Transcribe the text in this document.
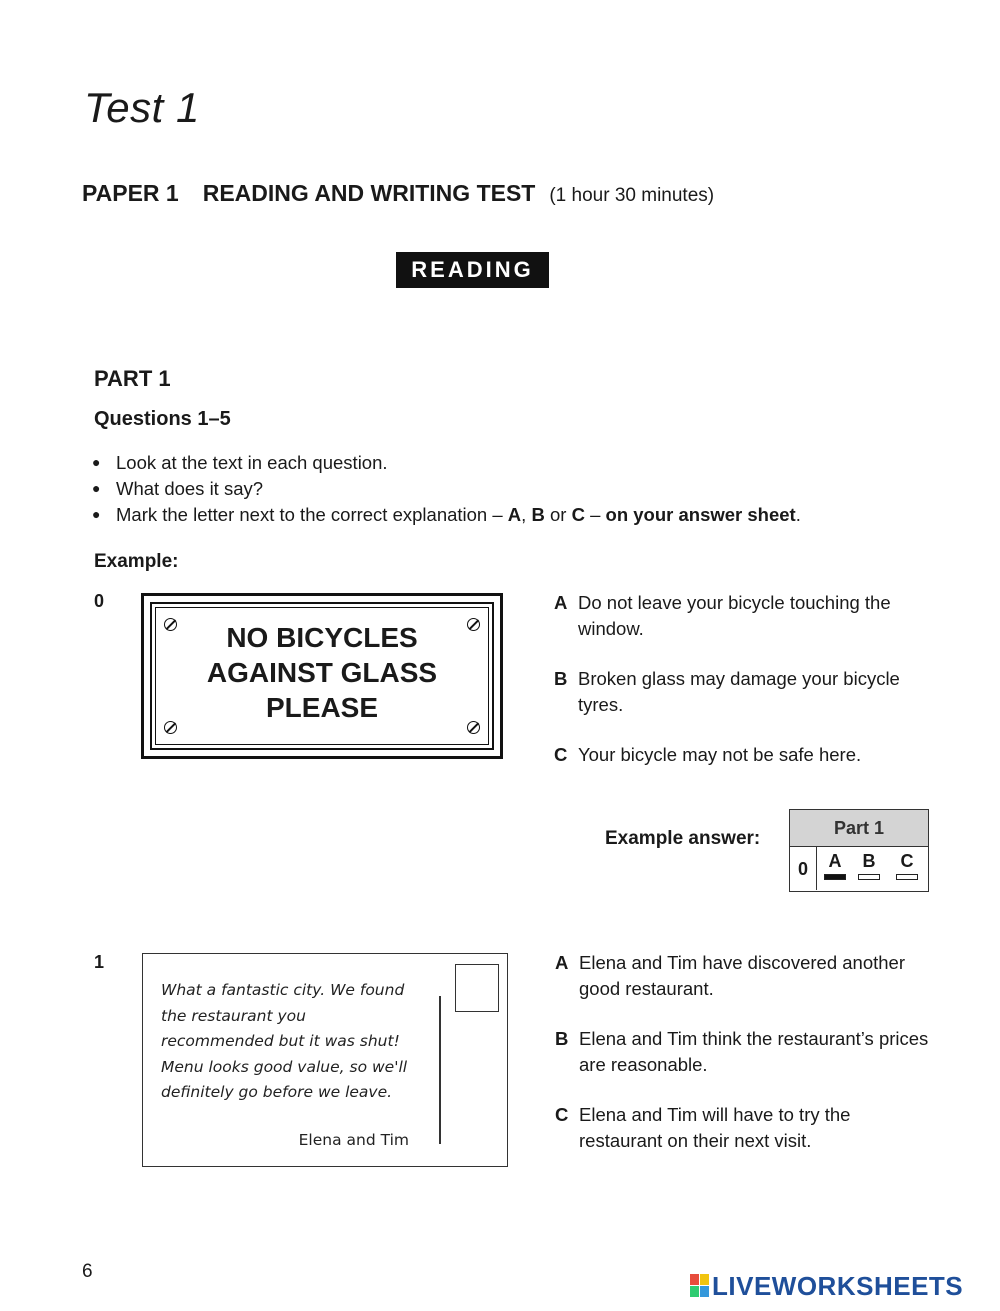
Test 1
PAPER 1 READING AND WRITING TEST (1 hour 30 minutes)
READING
PART 1
Questions 1–5
● Look at the text in each question.
● What does it say?
● Mark the letter next to the correct explanation – A, B or C – on your answer sheet.
Example:
0
NO BICYCLES
AGAINST GLASS
PLEASE
A Do not leave your bicycle touching the window.
B Broken glass may damage your bicycle tyres.
C Your bicycle may not be safe here.
Example answer:	Part 1
0	A	B	C
1
What a fantastic city. We found the restaurant you recommended but it was shut! Menu looks good value, so we'll definitely go before we leave.
Elena and Tim
A Elena and Tim have discovered another good restaurant.
B Elena and Tim think the restaurant’s prices are reasonable.
C Elena and Tim will have to try the restaurant on their next visit.
6	LIVEWORKSHEETS
